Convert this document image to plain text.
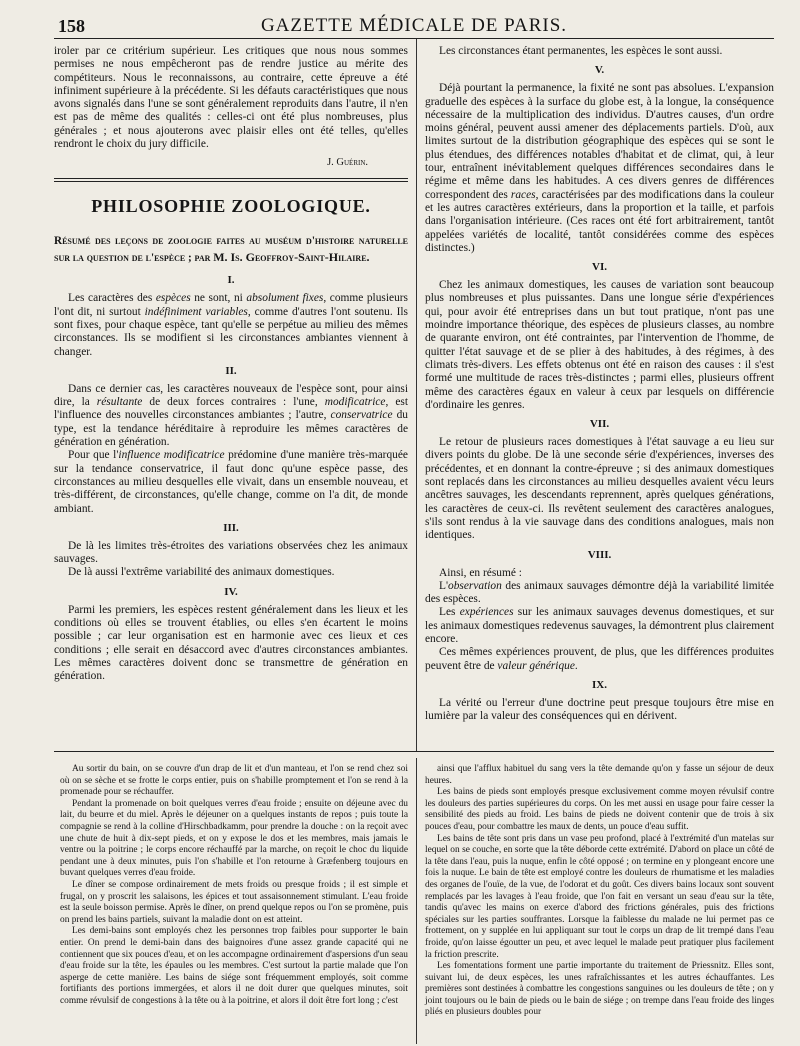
158	GAZETTE MÉDICALE DE PARIS.

iroler par ce critérium supérieur. Les critiques que nous nous sommes permises ne nous empêcheront pas de rendre justice au mérite des compétiteurs. Nous le reconnaissons, au contraire, cette épreuve a été infiniment supérieure à la précédente. Si les défauts caractéristiques que nous avons signalés dans l'une se sont généralement reproduits dans l'autre, il n'en est pas de même des qualités : celles-ci ont été plus nombreuses, plus générales ; et nous ajouterons avec plaisir elles ont été telles, qu'elles rendront le choix du jury difficile.

J. Guérin.
PHILOSOPHIE ZOOLOGIQUE.
Résumé des leçons de zoologie faites au muséum d'histoire naturelle sur la question de l'espèce ; par M. Is. Geoffroy-Saint-Hilaire.
I.

Les caractères des espèces ne sont, ni absolument fixes, comme plusieurs l'ont dit, ni surtout indéfiniment variables, comme d'autres l'ont soutenu. Ils sont fixes, pour chaque espèce, tant qu'elle se perpétue au milieu des mêmes circonstances. Ils se modifient si les circonstances ambiantes viennent à changer.

II.

Dans ce dernier cas, les caractères nouveaux de l'espèce sont, pour ainsi dire, la résultante de deux forces contraires : l'une, modificatrice, est l'influence des nouvelles circonstances ambiantes ; l'autre, conservatrice du type, est la tendance héréditaire à reproduire les mêmes caractères de génération en génération.

Pour que l'influence modificatrice prédomine d'une manière très-marquée sur la tendance conservatrice, il faut donc qu'une espèce passe, des circonstances au milieu desquelles elle vivait, dans un ensemble nouveau, et très-différent, de circonstances, qu'elle change, comme on l'a dit, de monde ambiant.

III.

De là les limites très-étroites des variations observées chez les animaux sauvages.

De là aussi l'extrême variabilité des animaux domestiques.

IV.

Parmi les premiers, les espèces restent généralement dans les lieux et les conditions où elles se trouvent établies, ou elles s'en écartent le moins possible ; car leur organisation est en harmonie avec ces lieux et ces conditions ; elle serait en désaccord avec d'autres circonstances ambiantes. Les mêmes caractères doivent donc se transmettre de génération en génération.

Les circonstances étant permanentes, les espèces le sont aussi.

V.

Déjà pourtant la permanence, la fixité ne sont pas absolues. L'expansion graduelle des espèces à la surface du globe est, à la longue, la conséquence nécessaire de la multiplication des individus. D'autres causes, d'un ordre moins général, peuvent aussi amener des déplacements partiels. D'où, aux limites surtout de la distribution géographique des espèces qui se sont le plus étendues, des différences notables d'habitat et de climat, qui, à leur tour, entraînent inévitablement quelques différences secondaires dans le régime et même dans les habitudes. A ces divers genres de différences correspondent des races, caractérisées par des modifications dans la couleur et les autres caractères extérieurs, dans la proportion et la taille, et parfois dans l'organisation intérieure. (Ces races ont été fort arbitrairement, tantôt appelées variétés de localité, tantôt considérées comme des espèces distinctes.)

VI.

Chez les animaux domestiques, les causes de variation sont beaucoup plus nombreuses et plus puissantes. Dans une longue série d'expériences qui, pour avoir été entreprises dans un but tout pratique, n'ont pas une moindre importance théorique, des espèces de plusieurs classes, au nombre de quarante environ, ont été contraintes, par l'intervention de l'homme, de quitter l'état sauvage et de se plier à des habitudes, à des régimes, à des climats très-divers. Les effets obtenus ont été en raison des causes : il s'est formé une multitude de races très-distinctes ; parmi elles, plusieurs offrent même des caractères égaux en valeur à ceux par lesquels on différencie d'ordinaire les genres.

VII.

Le retour de plusieurs races domestiques à l'état sauvage a eu lieu sur divers points du globe. De là une seconde série d'expériences, inverses des précédentes, et en donnant la contre-épreuve ; si des animaux domestiques sont replacés dans les circonstances au milieu desquelles avaient vécu leurs ancêtres sauvages, les descendants reprennent, après quelques générations, les caractères de ceux-ci. Ils revêtent seulement des caractères analogues, s'ils sont rendus à la vie sauvage dans des conditions analogues, mais non identiques.

VIII.

Ainsi, en résumé :

L'observation des animaux sauvages démontre déjà la variabilité limitée des espèces.

Les expériences sur les animaux sauvages devenus domestiques, et sur les animaux domestiques redevenus sauvages, la démontrent plus clairement encore.

Ces mêmes expériences prouvent, de plus, que les différences produites peuvent être de valeur générique.

IX.

La vérité ou l'erreur d'une doctrine peut presque toujours être mise en lumière par la valeur des conséquences qui en dérivent.

Au sortir du bain, on se couvre d'un drap de lit et d'un manteau, et l'on se rend chez soi où on se sèche et se frotte le corps entier, puis on s'habille promptement et l'on se rend à la promenade pour se réchauffer.

Pendant la promenade on boit quelques verres d'eau froide ; ensuite on déjeune avec du lait, du beurre et du miel. Après le déjeuner on a quelques instants de repos ; puis toute la compagnie se rend à la colline d'Hirschbadkamm, pour prendre la douche : on la reçoit avec une chute de huit à dix-sept pieds, et on y expose le dos et les membres, mais jamais le ventre ou la poitrine ; le corps encore réchauffé par la marche, on reçoit le choc du liquide pendant une à deux minutes, puis l'on s'habille et l'on retourne à Græfenberg toujours en buvant quelques verres d'eau froide.

Le dîner se compose ordinairement de mets froids ou presque froids ; il est simple et frugal, on y proscrit les salaisons, les épices et tout assaisonnement stimulant. L'eau froide est la seule boisson permise. Après le dîner, on prend quelque repos ou l'on se promène, puis on prend les bains partiels, suivant la maladie dont on est atteint.

Les demi-bains sont employés chez les personnes trop faibles pour supporter le bain entier. On prend le demi-bain dans des baignoires d'une assez grande capacité qui ne contiennent que six pouces d'eau, et on les accompagne ordinairement d'aspersions d'un seau d'eau froide sur la tête, les épaules ou les membres. C'est surtout la partie malade que l'on asperge de cette manière. Les bains de siége sont fréquemment employés, soit comme fortifiants des portions immergées, et alors il ne doit durer que quelques minutes, soit comme révulsif de congestions à la tête ou à la poitrine, et alors il doit être fort long ; c'est

ainsi que l'afflux habituel du sang vers la tête demande qu'on y fasse un séjour de deux heures.

Les bains de pieds sont employés presque exclusivement comme moyen révulsif contre les douleurs des parties supérieures du corps. On les met aussi en usage pour faire cesser la sensibilité des pieds au froid. Les bains de pieds ne doivent contenir que de trois à six pouces d'eau, pour combattre les maux de dents, un pouce d'eau suffit.

Les bains de tête sont pris dans un vase peu profond, placé à l'extrémité d'un matelas sur lequel on se couche, en sorte que la tête déborde cette extrémité. D'abord on place un côté de la tête dans l'eau, puis la nuque, enfin le côté opposé ; on termine en y plongeant encore une fois la nuque. Le bain de tête est employé contre les douleurs de rhumatisme et les maladies des organes de l'ouïe, de la vue, de l'odorat et du goût. Ces divers bains locaux sont souvent remplacés par les lavages à l'eau froide, que l'on fait en versant un seau d'eau sur la tête, tandis qu'avec les mains on exerce d'abord des frictions générales, puis des frictions spéciales sur les parties souffrantes. Lorsque la faiblesse du malade ne lui permet pas ce frottement, on y supplée en lui appliquant sur tout le corps un drap de lit trempé dans l'eau froide, qu'on laisse égoutter un peu, et avec lequel le malade peut pratiquer plus facilement la friction prescrite.

Les fomentations forment une partie importante du traitement de Priessnitz. Elles sont, suivant lui, de deux espèces, les unes rafraîchissantes et les autres échauffantes. Les premières sont destinées à combattre les congestions sanguines ou les douleurs de tête ; on y joint toujours ou le bain de pieds ou le bain de siége ; on trempe dans l'eau froide des linges pliés en plusieurs doubles pour
